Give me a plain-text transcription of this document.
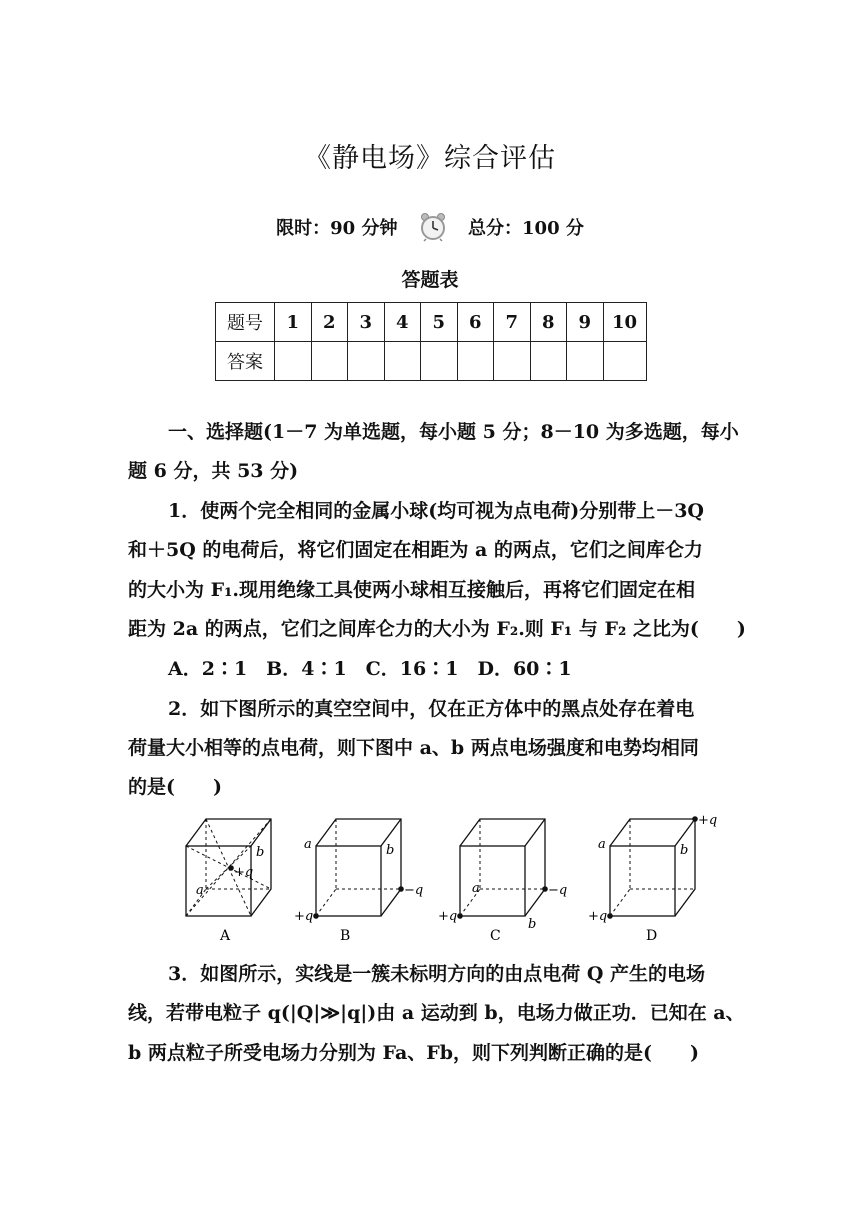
《静电场》综合评估
限时：90 分钟	总分：100 分
答题表
题号	1	2	3	4	5	6	7	8	9	10
答案										
一、选择题(1－7 为单选题，每小题 5 分；8－10 为多选题，每小
题 6 分，共 53 分)
1．使两个完全相同的金属小球(均可视为点电荷)分别带上－3Q
和＋5Q 的电荷后，将它们固定在相距为 a 的两点，它们之间库仑力
的大小为 F₁.现用绝缘工具使两小球相互接触后，再将它们固定在相
距为 2a 的两点，它们之间库仑力的大小为 F₂.则 F₁ 与 F₂ 之比为(　　)
A．2∶1　B．4∶1　C．16∶1　D．60∶1
2．如下图所示的真空空间中，仅在正方体中的黑点处存在着电
荷量大小相等的点电荷，则下图中 a、b 两点电场强度和电势均相同
的是(　　)
b
+q
a
a	b
−q
+q
a	−q
+q
b
a	b
+q
+q
A	B	C	D
3．如图所示，实线是一簇未标明方向的由点电荷 Q 产生的电场
线，若带电粒子 q(|Q|≫|q|)由 a 运动到 b，电场力做正功．已知在 a、
b 两点粒子所受电场力分别为 Fa、Fb，则下列判断正确的是(　　)
